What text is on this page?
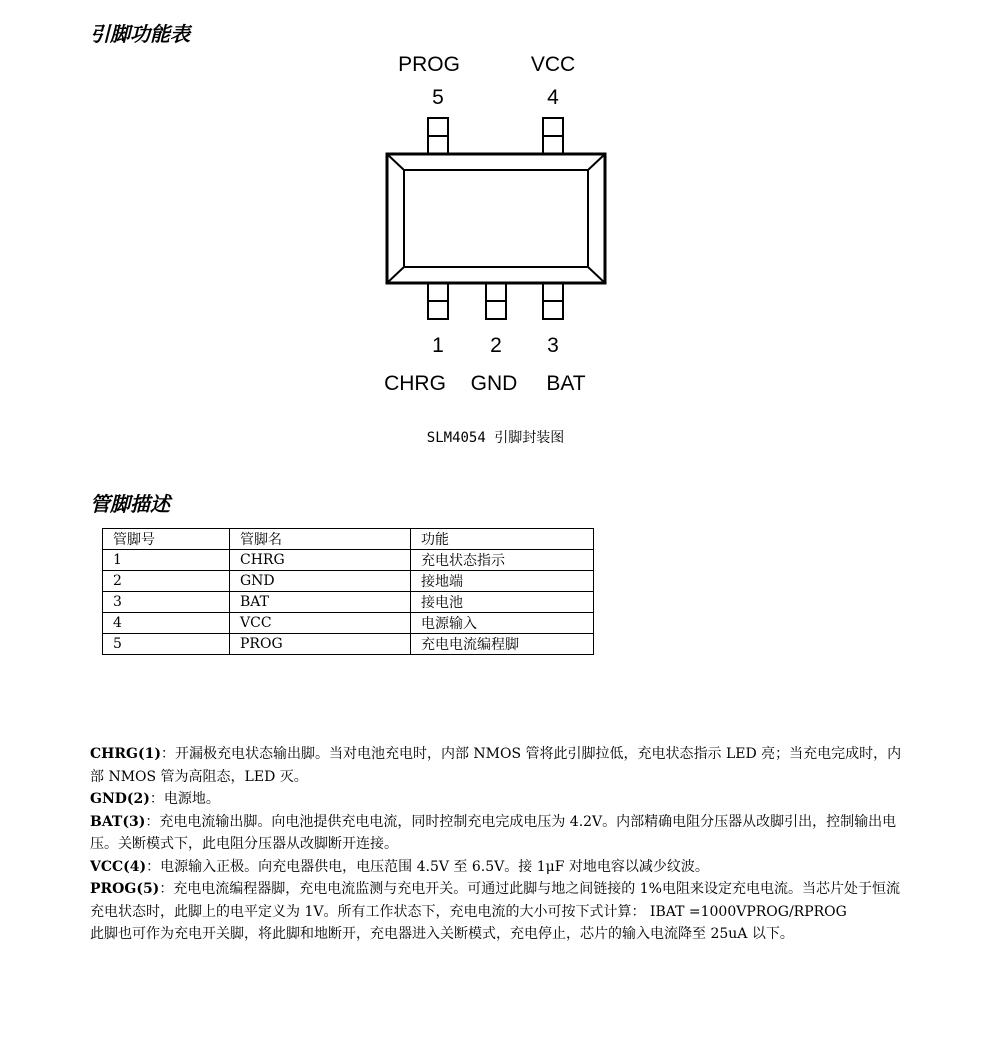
引脚功能表
PROG	VCC
5	4
1 2 3
CHRG GND BAT
SLM4054 引脚封装图
管脚描述
管脚号	管脚名	功能
1	CHRG	充电状态指示
2	GND	接地端
3	BAT	接电池
4	VCC	电源输入
5	PROG	充电电流编程脚

CHRG(1)：开漏极充电状态输出脚。当对电池充电时，内部 NMOS 管将此引脚拉低，充电状态指示 LED 亮；当充电完成时，内部 NMOS 管为高阻态，LED 灭。

GND(2)：电源地。

BAT(3)：充电电流输出脚。向电池提供充电电流，同时控制充电完成电压为 4.2V。内部精确电阻分压器从改脚引出，控制输出电压。关断模式下，此电阻分压器从改脚断开连接。

VCC(4)：电源输入正极。向充电器供电，电压范围 4.5V 至 6.5V。接 1μF 对地电容以减少纹波。

PROG(5)：充电电流编程器脚，充电电流监测与充电开关。可通过此脚与地之间链接的 1%电阻来设定充电电流。当芯片处于恒流充电状态时，此脚上的电平定义为 1V。所有工作状态下，充电电流的大小可按下式计算： IBAT =1000VPROG/RPROG

此脚也可作为充电开关脚，将此脚和地断开，充电器进入关断模式，充电停止，芯片的输入电流降至 25uA 以下。
